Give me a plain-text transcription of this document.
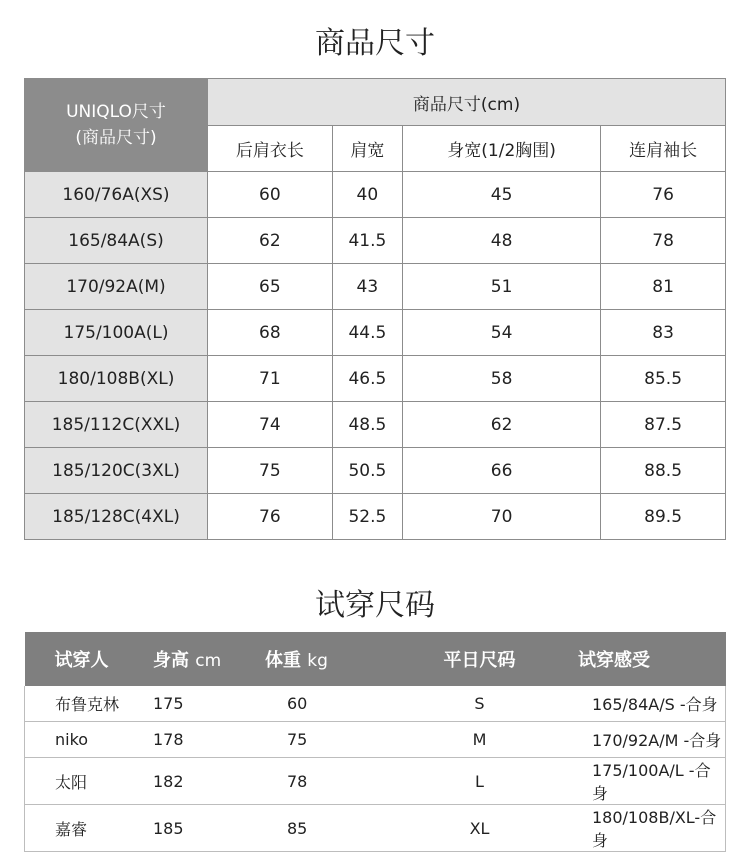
商品尺寸
UNIQLO尺寸
(商品尺寸)	商品尺寸(cm)			
	后肩衣长	肩宽	身宽(1/2胸围)	连肩袖长
160/76A(XS)	60	40	45	76
165/84A(S)	62	41.5	48	78
170/92A(M)	65	43	51	81
175/100A(L)	68	44.5	54	83
180/108B(XL)	71	46.5	58	85.5
185/112C(XXL)	74	48.5	62	87.5
185/120C(3XL)	75	50.5	66	88.5
185/128C(4XL)	76	52.5	70	89.5
试穿尺码
试穿人	身高 cm	体重 kg	平日尺码	试穿感受
布鲁克林	175	60	S	165/84A/S -合身
niko	178	75	M	170/92A/M -合身
太阳	182	78	L	175/100A/L -合身
嘉睿	185	85	XL	180/108B/XL-合身
